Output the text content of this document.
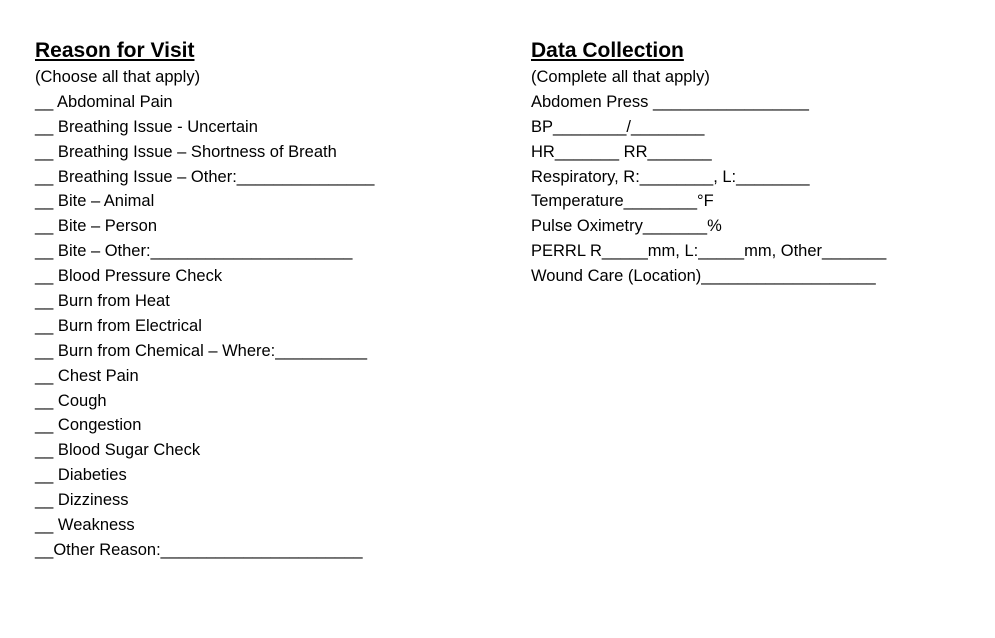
Reason for Visit
(Choose all that apply)
__ Abdominal Pain
__ Breathing Issue - Uncertain
__ Breathing Issue – Shortness of Breath
__ Breathing Issue – Other:_______________
__ Bite – Animal
__ Bite – Person
__ Bite – Other:______________________
__ Blood Pressure Check
__ Burn from Heat
__ Burn from Electrical
__ Burn from Chemical – Where:__________
__ Chest Pain
__ Cough
__ Congestion
__ Blood Sugar Check
__ Diabeties
__ Dizziness
__ Weakness
__Other Reason:______________________
Data Collection
(Complete all that apply)
Abdomen Press _________________
BP________/________
HR_______ RR_______
Respiratory, R:________, L:________
Temperature________°F
Pulse Oximetry_______%
PERRL R_____mm, L:_____mm, Other_______
Wound Care (Location)___________________
